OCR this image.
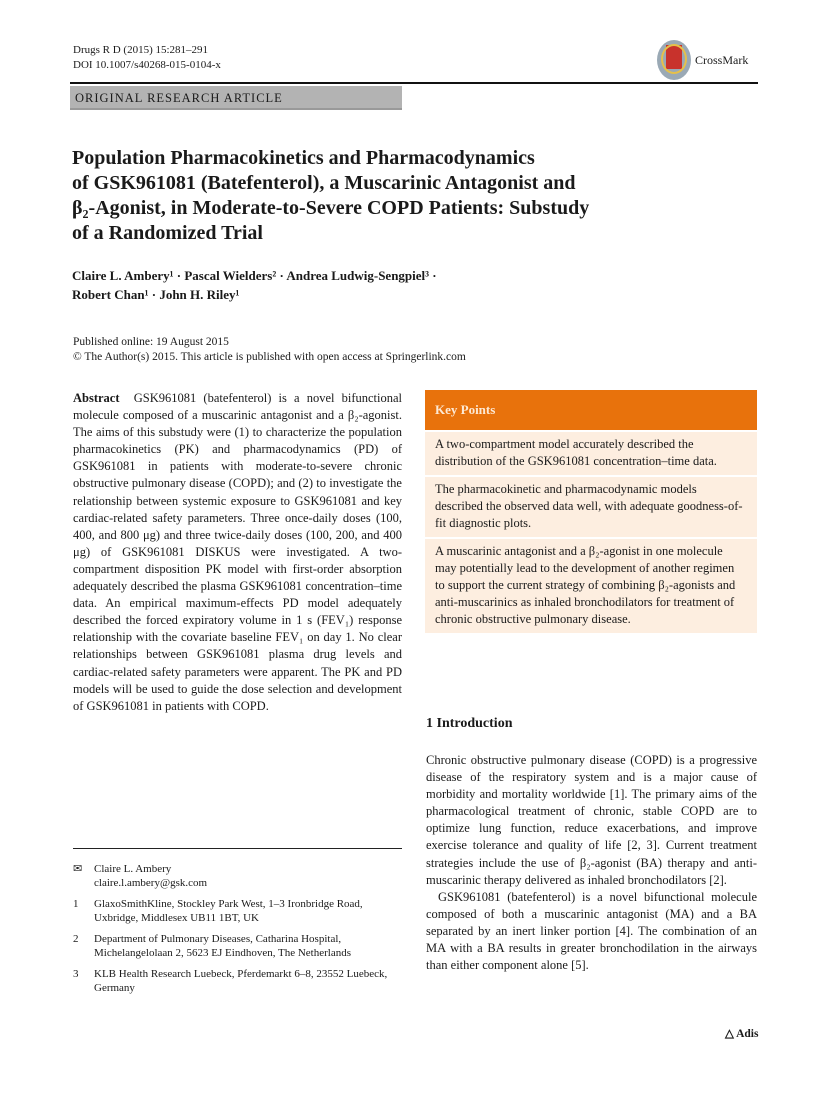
Drugs R D (2015) 15:281–291
DOI 10.1007/s40268-015-0104-x	CrossMark
ORIGINAL RESEARCH ARTICLE
Population Pharmacokinetics and Pharmacodynamics
of GSK961081 (Batefenterol), a Muscarinic Antagonist and
β₂-Agonist, in Moderate-to-Severe COPD Patients: Substudy
of a Randomized Trial
Claire L. Ambery¹ · Pascal Wielders² · Andrea Ludwig-Sengpiel³ ·
Robert Chan¹ · John H. Riley¹
Published online: 19 August 2015
© The Author(s) 2015. This article is published with open access at Springerlink.com
Abstract GSK961081 (batefenterol) is a novel bifunctional molecule composed of a muscarinic antagonist and a β₂-agonist. The aims of this substudy were (1) to characterize the population pharmacokinetics (PK) and pharmacodynamics (PD) of GSK961081 in patients with moderate-to-severe chronic obstructive pulmonary disease (COPD); and (2) to investigate the relationship between systemic exposure to GSK961081 and key cardiac-related safety parameters. Three once-daily doses (100, 400, and 800 μg) and three twice-daily doses (100, 200, and 400 μg) of GSK961081 DISKUS were investigated. A two-compartment disposition PK model with first-order absorption adequately described the plasma GSK961081 concentration–time data. An empirical maximum-effects PD model adequately described the forced expiratory volume in 1 s (FEV₁) response relationship with the covariate baseline FEV₁ on day 1. No clear relationships between GSK961081 plasma drug levels and cardiac-related safety parameters were apparent. The PK and PD models will be used to guide the dose selection and development of GSK961081 in patients with COPD.
Key Points
A two-compartment model accurately described the distribution of the GSK961081 concentration–time data.
The pharmacokinetic and pharmacodynamic models described the observed data well, with adequate goodness-of-fit diagnostic plots.
A muscarinic antagonist and a β₂-agonist in one molecule may potentially lead to the development of another regimen to support the current strategy of combining β₂-agonists and anti-muscarinics as inhaled bronchodilators for treatment of chronic obstructive pulmonary disease.
1 Introduction

Chronic obstructive pulmonary disease (COPD) is a progressive disease of the respiratory system and is a major cause of morbidity and mortality worldwide [1]. The primary aims of the pharmacological treatment of chronic, stable COPD are to optimize lung function, reduce exacerbations, and improve exercise tolerance and quality of life [2, 3]. Current treatment strategies include the use of β₂-agonist (BA) therapy and anti-muscarinic therapy delivered as inhaled bronchodilators [2].

GSK961081 (batefenterol) is a novel bifunctional molecule composed of both a muscarinic antagonist (MA) and a BA separated by an inert linker portion [4]. The combination of an MA with a BA results in greater bronchodilation in the airways than either component alone [5].

✉	Claire L. Ambery
claire.l.ambery@gsk.com
1	GlaxoSmithKline, Stockley Park West, 1–3 Ironbridge Road, Uxbridge, Middlesex UB11 1BT, UK
2	Department of Pulmonary Diseases, Catharina Hospital, Michelangelolaan 2, 5623 EJ Eindhoven, The Netherlands
3	KLB Health Research Luebeck, Pferdemarkt 6–8, 23552 Luebeck, Germany
△ Adis
